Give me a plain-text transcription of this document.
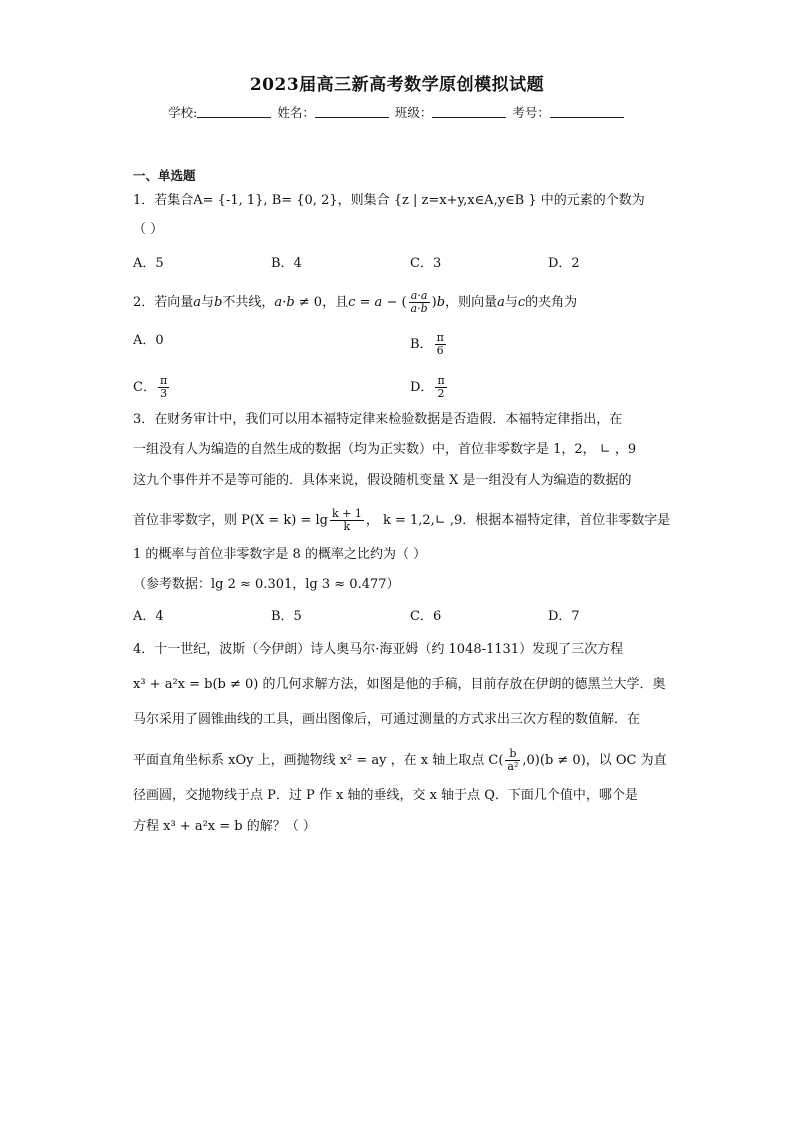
2023届高三新高考数学原创模拟试题
学校:	姓名：	班级：	考号：
一、单选题
1．若集合A= {-1, 1}, B= {0, 2}，则集合 {z | z=x+y,x∈A,y∈B } 中的元素的个数为
（ ）
A．5	B．4	C．3	D．2
2．若向量a与b不共线，a·b ≠ 0，且c = a − ( $\frac{a\cdot a}{a\cdot b} )b$，则向量a与c的夹角为
A．0	B． $\frac{\pi}{6}$
C． $\frac{\pi}{3}$	D． $\frac{\pi}{2}$
3．在财务审计中，我们可以用本福特定律来检验数据是否造假．本福特定律指出，在
一组没有人为编造的自然生成的数据（均为正实数）中，首位非零数字是 1，2， ∟ ，9
这九个事件并不是等可能的．具体来说，假设随机变量 X 是一组没有人为编造的数据的
首位非零数字，则 $P(X = k) = \lg \frac{k + 1}{k}$ ， k = 1,2,∟ ,9．根据本福特定律，首位非零数字是
1 的概率与首位非零数字是 8 的概率之比约为（ ）
（参考数据：lg 2 ≈ 0.301，lg 3 ≈ 0.477）
A．4	B．5	C．6	D．7
4．十一世纪，波斯（今伊朗）诗人奥马尔·海亚姆（约 1048-1131）发现了三次方程
x³ + a²x = b(b ≠ 0) 的几何求解方法，如图是他的手稿，目前存放在伊朗的德黑兰大学．奥
马尔采用了圆锥曲线的工具，画出图像后，可通过测量的方式求出三次方程的数值解．在
平面直角坐标系 xOy 上，画抛物线 x² = ay ，在 x 轴上取点 $C( \frac{b}{\text{a²}} ,0)(b \ne 0)$，以 OC 为直
径画圆，交抛物线于点 P．过 P 作 x 轴的垂线，交 x 轴于点 Q．下面几个值中，哪个是
方程 x³ + a²x = b 的解？（ ）
